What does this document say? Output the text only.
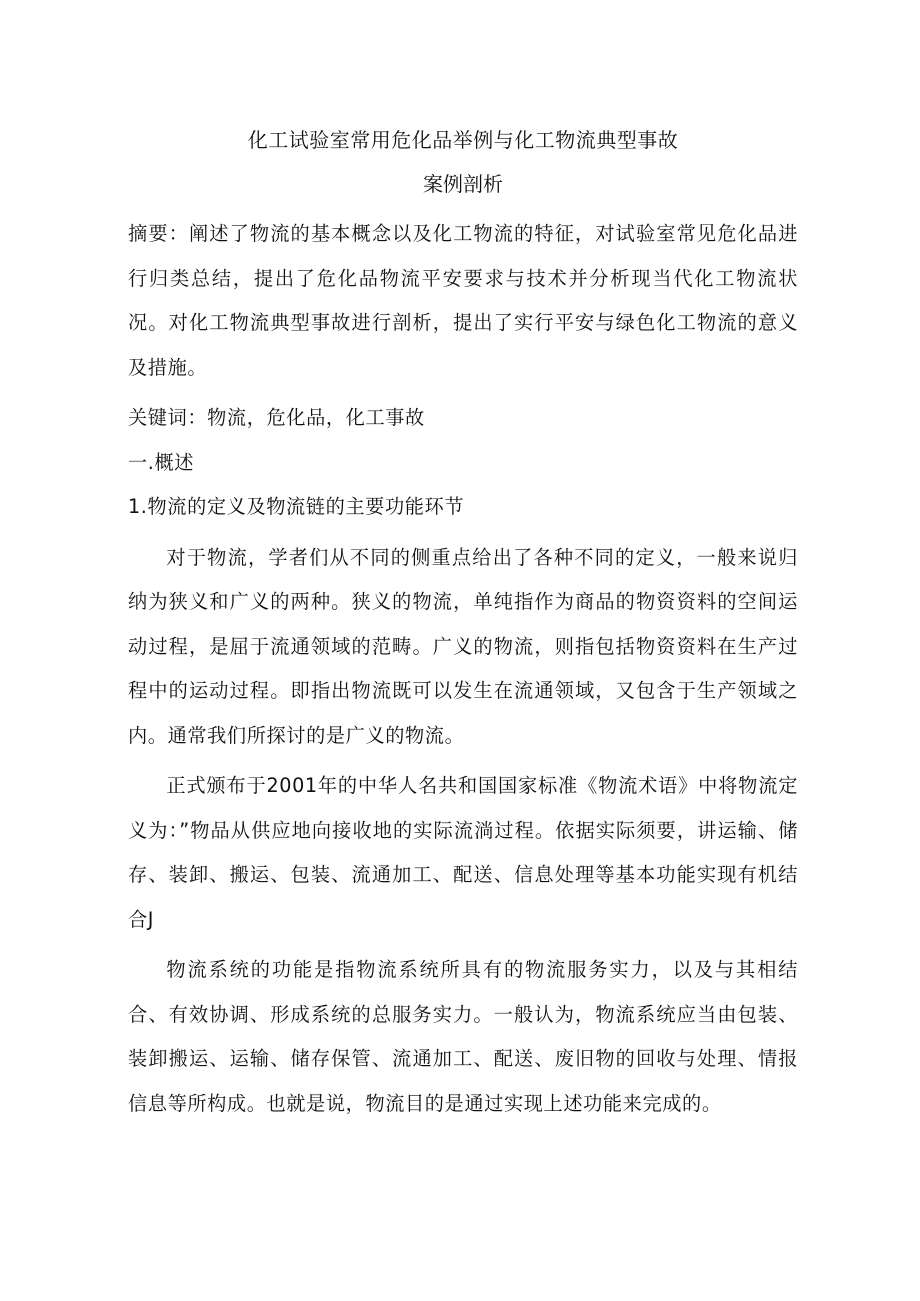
化工试验室常用危化品举例与化工物流典型事故
案例剖析

摘要：阐述了物流的基本概念以及化工物流的特征，对试验室常见危化品进行归类总结，提出了危化品物流平安要求与技术并分析现当代化工物流状况。对化工物流典型事故进行剖析，提出了实行平安与绿色化工物流的意义及措施。

关键词：物流，危化品，化工事故

一.概述

1.物流的定义及物流链的主要功能环节

对于物流，学者们从不同的侧重点给出了各种不同的定义，一般来说归纳为狭义和广义的两种。狭义的物流，单纯指作为商品的物资资料的空间运动过程，是屈于流通领域的范畴。广义的物流，则指包括物资资料在生产过程中的运动过程。即指出物流既可以发生在流通领域，又包含于生产领域之内。通常我们所探讨的是广义的物流。

正式颁布于2001年的中华人名共和国国家标准《物流术语》中将物流定义为：”物品从供应地向接收地的实际流淌过程。依据实际须要，讲运输、储存、装卸、搬运、包装、流通加工、配送、信息处理等基本功能实现有机结合J

物流系统的功能是指物流系统所具有的物流服务实力，以及与其相结合、有效协调、形成系统的总服务实力。一般认为，物流系统应当由包装、装卸搬运、运输、储存保管、流通加工、配送、废旧物的回收与处理、情报信息等所构成。也就是说，物流目的是通过实现上述功能来完成的。
